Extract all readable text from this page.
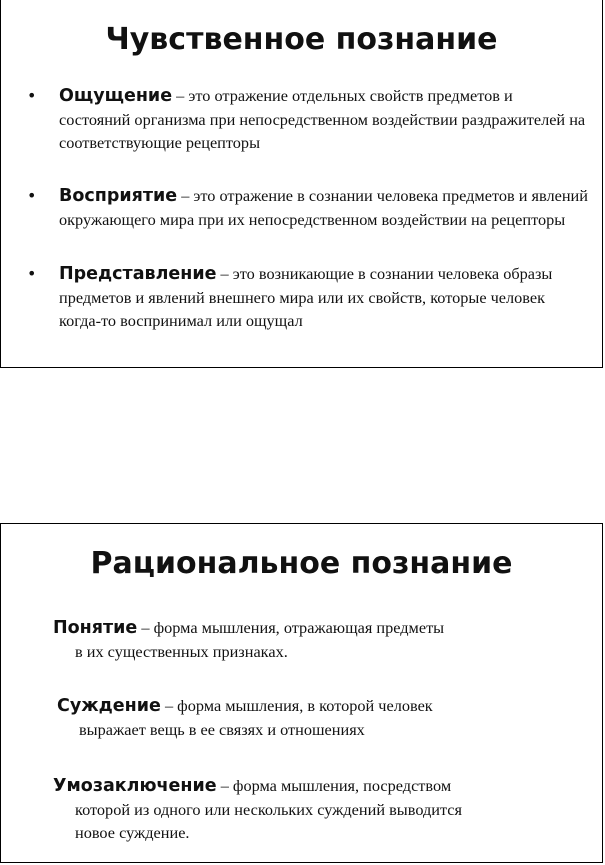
Чувственное познание
• Ощущение – это отражение отдельных свойств предметов и состояний организма при непосредственном воздействии раздражителей на соответствующие рецепторы
• Восприятие – это отражение в сознании человека предметов и явлений окружающего мира при их непосредственном воздействии на рецепторы
• Представление – это возникающие в сознании человека образы предметов и явлений внешнего мира или их свойств, которые человек когда-то воспринимал или ощущал
Рациональное познание
Понятие – форма мышления, отражающая предметы
в их существенных признаках.
Суждение – форма мышления, в которой человек
выражает вещь в ее связях и отношениях
Умозаключение – форма мышления, посредством
которой из одного или нескольких суждений выводится
новое суждение.
